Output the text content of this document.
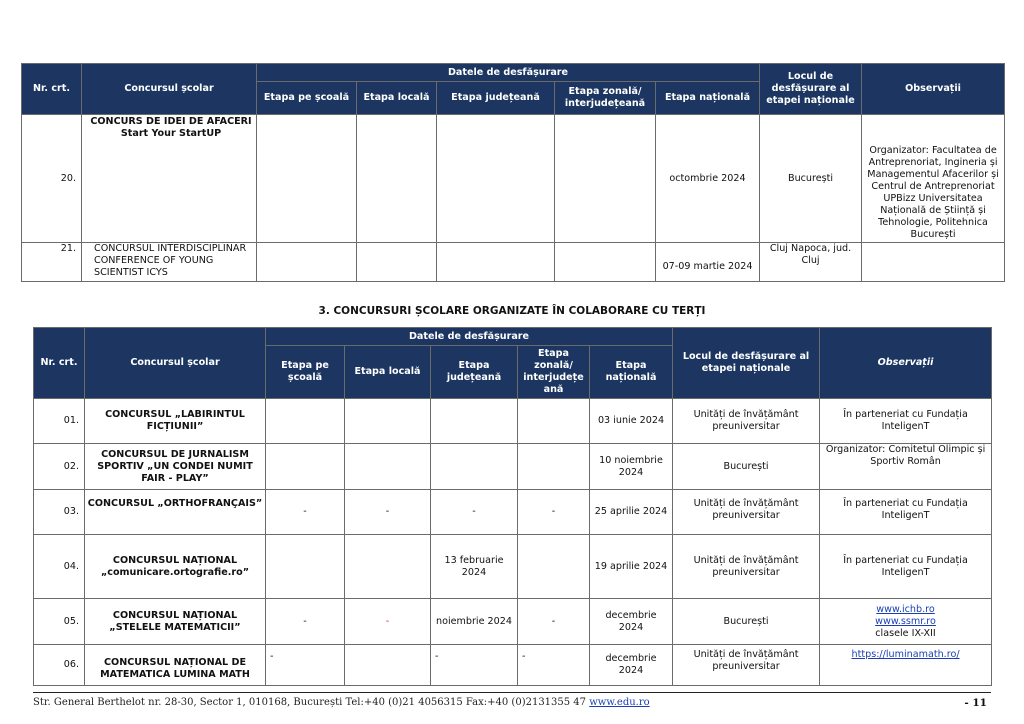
Nr. crt.	Concursul școlar	Datele de desfășurare					Locul de desfășurare al etapei naționale	Observații
		Etapa pe școală	Etapa locală	Etapa județeană	Etapa zonală/ interjudețeană	Etapa națională		
20.	CONCURS DE IDEI DE AFACERI Start Your StartUP					octombrie 2024	București	Organizator: Facultatea de Antreprenoriat, Ingineria și Managementul Afacerilor și Centrul de Antreprenoriat UPBizz Universitatea Națională de Știință și Tehnologie, Politehnica București
21.	CONCURSUL INTERDISCIPLINAR CONFERENCE OF YOUNG SCIENTIST ICYS					07-09 martie 2024	Cluj Napoca, jud. Cluj	
3. CONCURSURI ȘCOLARE ORGANIZATE ÎN COLABORARE CU TERȚI
Nr. crt.	Concursul școlar	Datele de desfășurare					Locul de desfășurare al etapei naționale	Observații
		Etapa pe școală	Etapa locală	Etapa județeană	Etapa zonală/ interjudețe ană	Etapa națională		
01.	CONCURSUL „LABIRINTUL FICȚIUNII”					03 iunie 2024	Unități de învățământ preuniversitar	În parteneriat cu Fundația InteligenT
02.	CONCURSUL DE JURNALISM SPORTIV „UN CONDEI NUMIT FAIR - PLAY”					10 noiembrie 2024	București	Organizator: Comitetul Olimpic și Sportiv Român
03.	CONCURSUL „ORTHOFRANÇAIS”	-	-	-	-	25 aprilie 2024	Unități de învățământ preuniversitar	În parteneriat cu Fundația InteligenT
04.	CONCURSUL NAȚIONAL „comunicare.ortografie.ro”			13 februarie 2024		19 aprilie 2024	Unități de învățământ preuniversitar	În parteneriat cu Fundația InteligenT
05.	CONCURSUL NAȚIONAL „STELELE MATEMATICII”	-	-	noiembrie 2024	-	decembrie 2024	București	www.ichb.ro
www.ssmr.ro
clasele IX-XII
06.	CONCURSUL NAȚIONAL DE MATEMATICA LUMINA MATH	-		-	-	decembrie 2024	Unități de învățământ preuniversitar	https://luminamath.ro/
Str. General Berthelot nr. 28-30, Sector 1, 010168, București Tel:+40 (0)21 4056315 Fax:+40 (0)2131355 47 www.edu.ro	- 11
